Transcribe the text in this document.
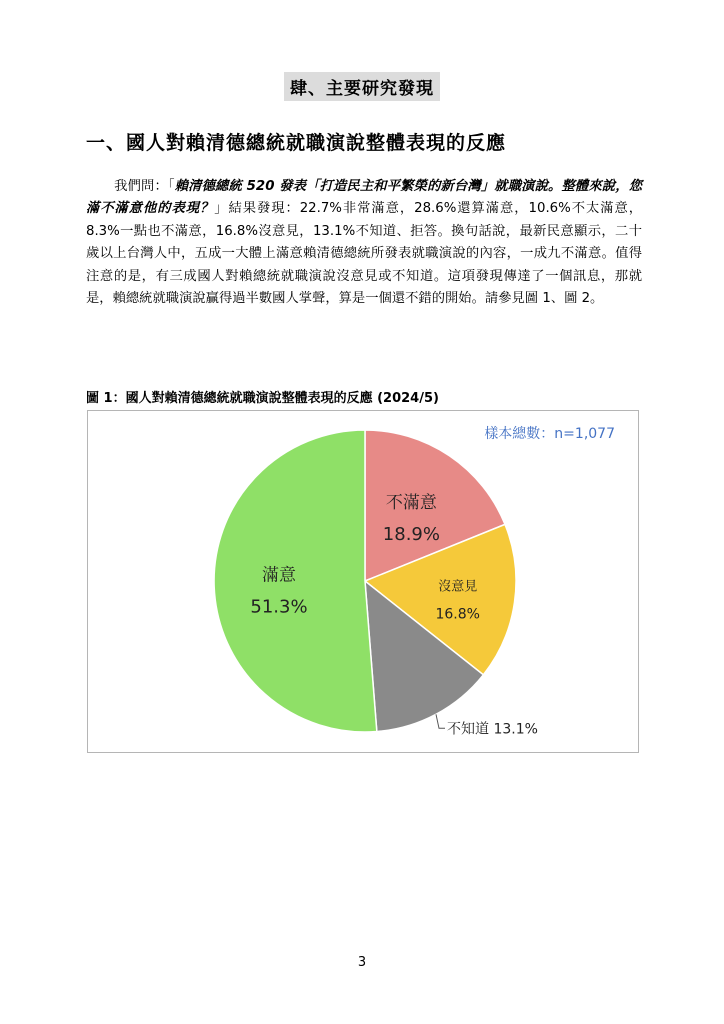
肆、主要研究發現
一、國人對賴清德總統就職演說整體表現的反應
我們問：「賴清德總統 520 發表「打造民主和平繁榮的新台灣」就職演說。整體來說，您滿不滿意他的表現？」結果發現：22.7%非常滿意，28.6%還算滿意，10.6%不太滿意，8.3%一點也不滿意，16.8%沒意見，13.1%不知道、拒答。換句話說，最新民意顯示，二十歲以上台灣人中，五成一大體上滿意賴清德總統所發表就職演說的內容，一成九不滿意。值得注意的是，有三成國人對賴總統就職演說沒意見或不知道。這項發現傳達了一個訊息，那就是，賴總統就職演說贏得過半數國人掌聲，算是一個還不錯的開始。請參見圖 1、圖 2。
圖 1：國人對賴清德總統就職演說整體表現的反應 (2024/5)
樣本總數：n=1,077
不滿意
18.9%
沒意見
16.8%
不知道 13.1%
滿意
51.3%
3
